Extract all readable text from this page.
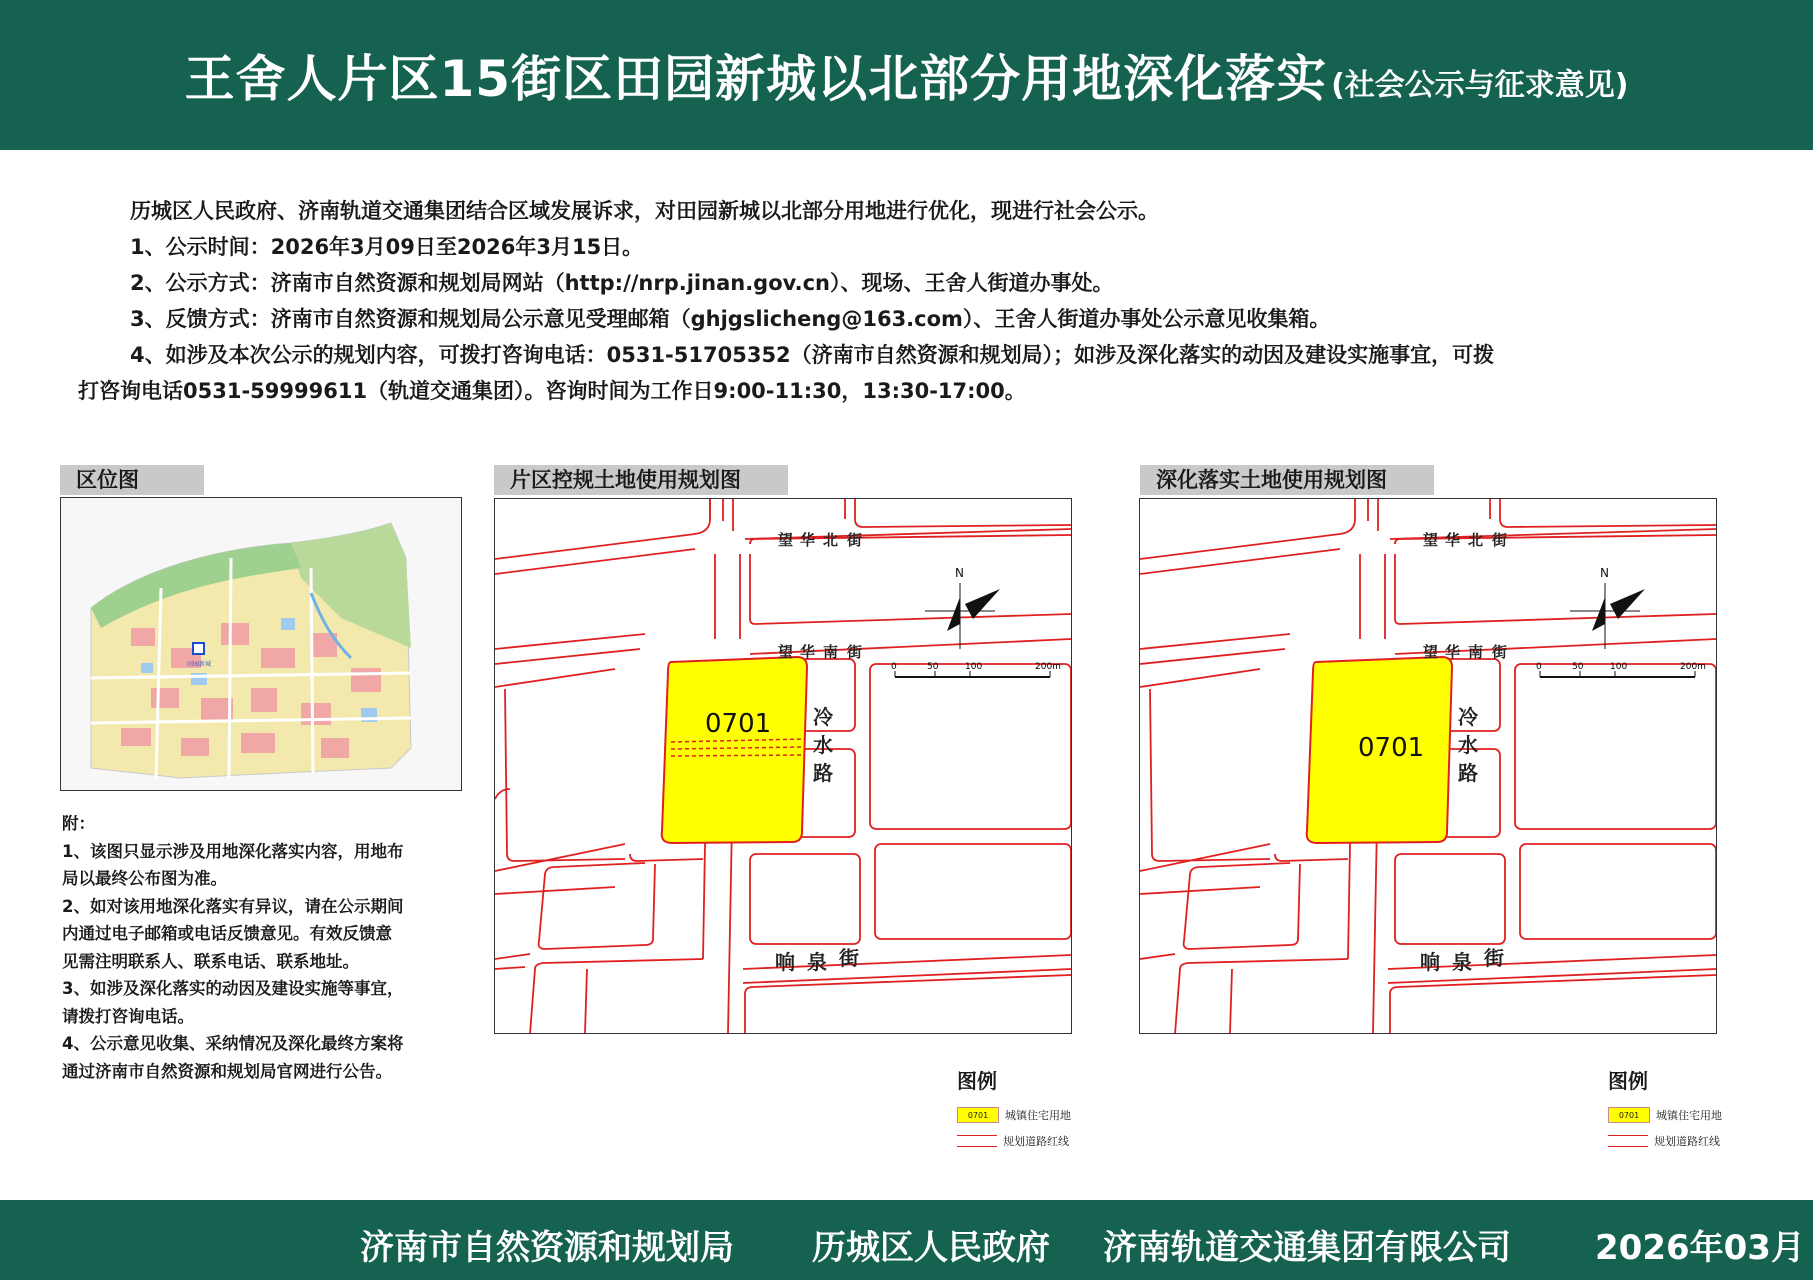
王舍人片区15街区田园新城以北部分用地深化落实 (社会公示与征求意见)

历城区人民政府、济南轨道交通集团结合区域发展诉求，对田园新城以北部分用地进行优化，现进行社会公示。

1、公示时间：2026年3月09日至2026年3月15日。

2、公示方式：济南市自然资源和规划局网站（http://nrp.jinan.gov.cn）、现场、王舍人街道办事处。

3、反馈方式：济南市自然资源和规划局公示意见受理邮箱（ghjgslicheng@163.com）、王舍人街道办事处公示意见收集箱。

4、如涉及本次公示的规划内容，可拨打咨询电话：0531-51705352（济南市自然资源和规划局）；如涉及深化落实的动因及建设实施事宜，可拨

打咨询电话0531-59999611（轨道交通集团）。咨询时间为工作日9:00-11:30，13:30-17:00。

区位图	片区控规土地使用规划图	深化落实土地使用规划图
田园新城
附：
1、该图只显示涉及用地深化落实内容，用地布
局以最终公布图为准。
2、如对该用地深化落实有异议，请在公示期间
内通过电子邮箱或电话反馈意见。有效反馈意
见需注明联系人、联系电话、联系地址。
3、如涉及深化落实的动因及建设实施等事宜，
请拨打咨询电话。
4、公示意见收集、采纳情况及深化最终方案将
通过济南市自然资源和规划局官网进行公告。
0701
望 华 北 街
望 华 南 街
冷
水
路
响 泉 街
N
0	50	100	200m
0701
望 华 北 街
望 华 南 街
冷
水
路
响 泉 街
N
0	50	100	200m
图例
0701	城镇住宅用地
规划道路红线
图例
0701	城镇住宅用地
规划道路红线
济南市自然资源和规划局 历城区人民政府 济南轨道交通集团有限公司 2026年03月
